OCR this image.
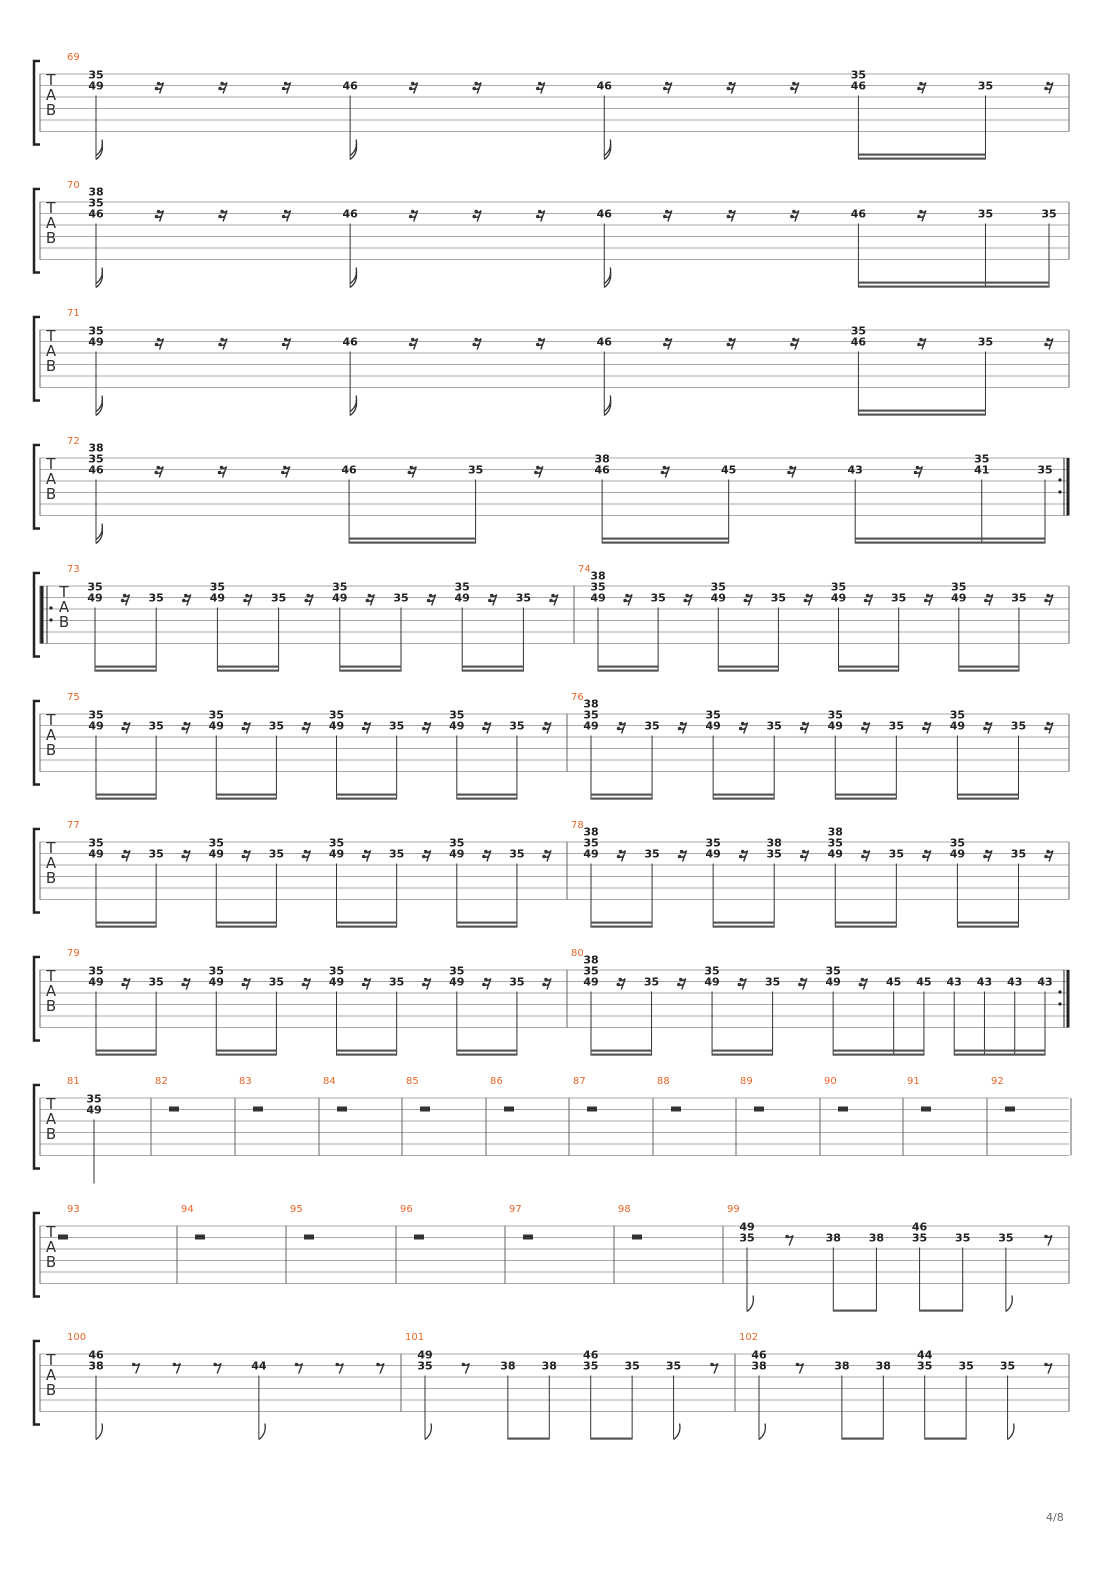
T
A
B
69
35
49	46	46
35
46	35
T
A
B
70 38
35
46	46	46	46	35	35
T
A
B
71
35
49	46	46
35
46	35
T
A
B
72 38
35
46	46	35
38
46	45	43
35
41	35
T
A
B
73
35
49	35
35
49	35
35
49	35
35
49	35
74 38
35
49	35
35
49	35
35
49	35
35
49	35
T
A
B
75
35
49	35
35
49	35
35
49	35
35
49	35
76 38
35
49	35
35
49	35
35
49	35
35
49	35
T
A
B
77
35
49	35
35
49	35
35
49	35
35
49	35
78 38
35
49	35
35
49
38
35
38
35
49	35
35
49	35
T
A
B
79
35
49	35
35
49	35
35
49	35
35
49	35
80 38
35
49	35
35
49	35
35
49	45 45 43 43 43 43
T
A
B
81
35
49
82	83	84	85	86	87	88	89	90	91	92
T
A
B
93	94	95	96	97	98	99
49
35	38	38
46
35	35	35
T
A
B
100
46
38	44
101
49
35	38 38
46
35 35 35
102
46
38	38 38
44
35 35 35
4/8
